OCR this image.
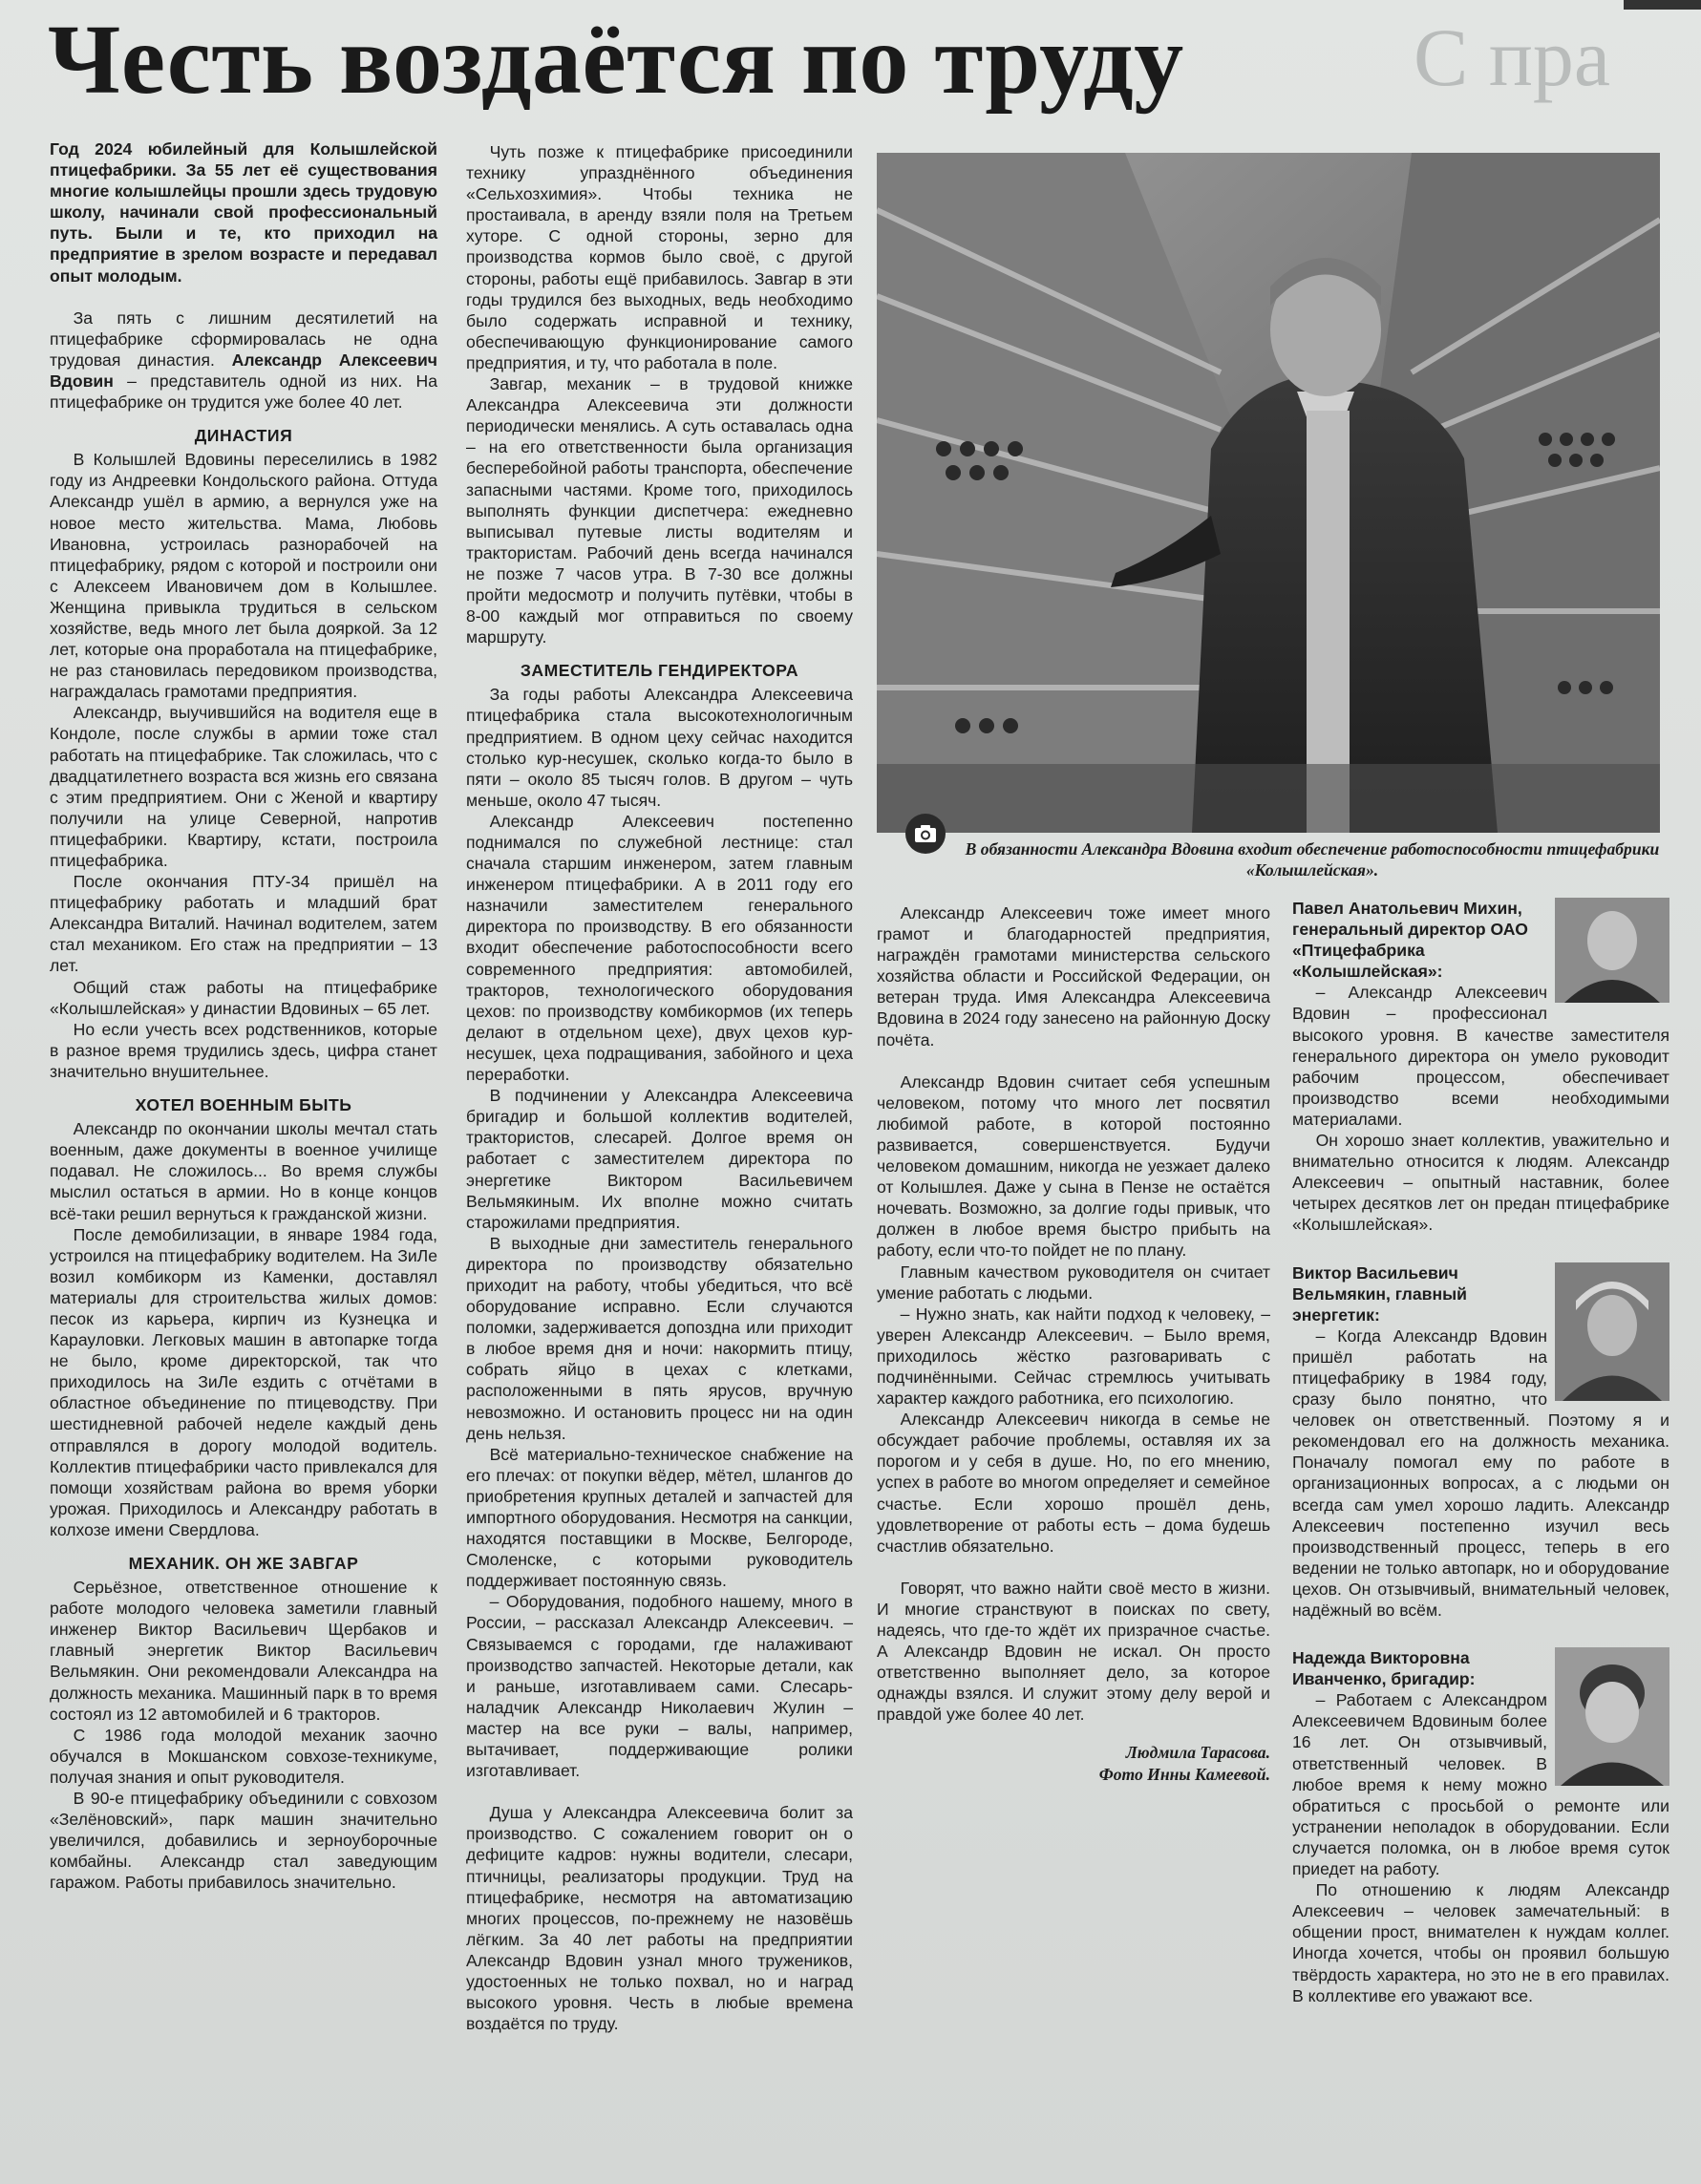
С пра
Честь воздаётся по труду

Год 2024 юбилейный для Колышлейской птицефабрики. За 55 лет её существования многие колышлейцы прошли здесь трудовую школу, начинали свой профессиональный путь. Были и те, кто приходил на предприятие в зрелом возрасте и передавал опыт молодым.

За пять с лишним десятилетий на птицефабрике сформировалась не одна трудовая династия. Александр Алексеевич Вдовин – представитель одной из них. На птицефабрике он трудится уже более 40 лет.

ДИНАСТИЯ

В Колышлей Вдовины переселились в 1982 году из Андреевки Кондольского района. Оттуда Александр ушёл в армию, а вернулся уже на новое место жительства. Мама, Любовь Ивановна, устроилась разнорабочей на птицефабрику, рядом с которой и построили они с Алексеем Ивановичем дом в Колышлее. Женщина привыкла трудиться в сельском хозяйстве, ведь много лет была дояркой. За 12 лет, которые она проработала на птицефабрике, не раз становилась передовиком производства, награждалась грамотами предприятия.

Александр, выучившийся на водителя еще в Кондоле, после службы в армии тоже стал работать на птицефабрике. Так сложилась, что с двадцатилетнего возраста вся жизнь его связана с этим предприятием. Они с Женой и квартиру получили на улице Северной, напротив птицефабрики. Квартиру, кстати, построила птицефабрика.

После окончания ПТУ-34 пришёл на птицефабрику работать и младший брат Александра Виталий. Начинал водителем, затем стал механиком. Его стаж на предприятии – 13 лет.

Общий стаж работы на птицефабрике «Колышлейская» у династии Вдовиных – 65 лет.

Но если учесть всех родственников, которые в разное время трудились здесь, цифра станет значительно внушительнее.

ХОТЕЛ ВОЕННЫМ БЫТЬ

Александр по окончании школы мечтал стать военным, даже документы в военное училище подавал. Не сложилось... Во время службы мыслил остаться в армии. Но в конце концов всё-таки решил вернуться к гражданской жизни.

После демобилизации, в январе 1984 года, устроился на птицефабрику водителем. На ЗиЛе возил комбикорм из Каменки, доставлял материалы для строительства жилых домов: песок из карьера, кирпич из Кузнецка и Карауловки. Легковых машин в автопарке тогда не было, кроме директорской, так что приходилось на ЗиЛе ездить с отчётами в областное объединение по птицеводству. При шестидневной рабочей неделе каждый день отправлялся в дорогу молодой водитель. Коллектив птицефабрики часто привлекался для помощи хозяйствам района во время уборки урожая. Приходилось и Александру работать в колхозе имени Свердлова.

МЕХАНИК. ОН ЖЕ ЗАВГАР

Серьёзное, ответственное отношение к работе молодого человека заметили главный инженер Виктор Васильевич Щербаков и главный энергетик Виктор Васильевич Вельмякин. Они рекомендовали Александра на должность механика. Машинный парк в то время состоял из 12 автомобилей и 6 тракторов.

С 1986 года молодой механик заочно обучался в Мокшанском совхозе-техникуме, получая знания и опыт руководителя.

В 90-е птицефабрику объединили с совхозом «Зелёновский», парк машин значительно увеличился, добавились и зерноуборочные комбайны. Александр стал заведующим гаражом. Работы прибавилось значительно.

Чуть позже к птицефабрике присоединили технику упразднённого объединения «Сельхозхимия». Чтобы техника не простаивала, в аренду взяли поля на Третьем хуторе. С одной стороны, зерно для производства кормов было своё, с другой стороны, работы ещё прибавилось. Завгар в эти годы трудился без выходных, ведь необходимо было содержать исправной и технику, обеспечивающую функционирование самого предприятия, и ту, что работала в поле.

Завгар, механик – в трудовой книжке Александра Алексеевича эти должности периодически менялись. А суть оставалась одна – на его ответственности была организация бесперебойной работы транспорта, обеспечение запасными частями. Кроме того, приходилось выполнять функции диспетчера: ежедневно выписывал путевые листы водителям и трактористам. Рабочий день всегда начинался не позже 7 часов утра. В 7-30 все должны пройти медосмотр и получить путёвки, чтобы в 8-00 каждый мог отправиться по своему маршруту.

ЗАМЕСТИТЕЛЬ ГЕНДИРЕКТОРА

За годы работы Александра Алексеевича птицефабрика стала высокотехнологичным предприятием. В одном цеху сейчас находится столько кур-несушек, сколько когда-то было в пяти – около 85 тысяч голов. В другом – чуть меньше, около 47 тысяч.

Александр Алексеевич постепенно поднимался по служебной лестнице: стал сначала старшим инженером, затем главным инженером птицефабрики. А в 2011 году его назначили заместителем генерального директора по производству. В его обязанности входит обеспечение работоспособности всего современного предприятия: автомобилей, тракторов, технологического оборудования цехов: по производству комбикормов (их теперь делают в отдельном цехе), двух цехов кур-несушек, цеха подращивания, забойного и цеха переработки.

В подчинении у Александра Алексеевича бригадир и большой коллектив водителей, трактористов, слесарей. Долгое время он работает с заместителем директора по энергетике Виктором Васильевичем Вельмякиным. Их вполне можно считать старожилами предприятия.

В выходные дни заместитель генерального директора по производству обязательно приходит на работу, чтобы убедиться, что всё оборудование исправно. Если случаются поломки, задерживается допоздна или приходит в любое время дня и ночи: накормить птицу, собрать яйцо в цехах с клетками, расположенными в пять ярусов, вручную невозможно. И остановить процесс ни на один день нельзя.

Всё материально-техническое снабжение на его плечах: от покупки вёдер, мётел, шлангов до приобретения крупных деталей и запчастей для импортного оборудования. Несмотря на санкции, находятся поставщики в Москве, Белгороде, Смоленске, с которыми руководитель поддерживает постоянную связь.

– Оборудования, подобного нашему, много в России, – рассказал Александр Алексеевич. – Связываемся с городами, где налаживают производство запчастей. Некоторые детали, как и раньше, изготавливаем сами. Слесарь-наладчик Александр Николаевич Жулин – мастер на все руки – валы, например, вытачивает, поддерживающие ролики изготавливает.

Душа у Александра Алексеевича болит за производство. С сожалением говорит он о дефиците кадров: нужны водители, слесари, птичницы, реализаторы продукции. Труд на птицефабрике, несмотря на автоматизацию многих процессов, по-прежнему не назовёшь лёгким. За 40 лет работы на предприятии Александр Вдовин узнал много тружеников, удостоенных не только похвал, но и наград высокого уровня. Честь в любые времена воздаётся по труду.

В обязанности Александра Вдовина входит обеспечение работоспособности птицефабрики «Колышлейская».

Александр Алексеевич тоже имеет много грамот и благодарностей предприятия, награждён грамотами министерства сельского хозяйства области и Российской Федерации, он ветеран труда. Имя Александра Алексеевича Вдовина в 2024 году занесено на районную Доску почёта.

Александр Вдовин считает себя успешным человеком, потому что много лет посвятил любимой работе, в которой постоянно развивается, совершенствуется. Будучи человеком домашним, никогда не уезжает далеко от Колышлея. Даже у сына в Пензе не остаётся ночевать. Возможно, за долгие годы привык, что должен в любое время быстро прибыть на работу, если что-то пойдет не по плану.

Главным качеством руководителя он считает умение работать с людьми.

– Нужно знать, как найти подход к человеку, – уверен Александр Алексеевич. – Было время, приходилось жёстко разговаривать с подчинёнными. Сейчас стремлюсь учитывать характер каждого работника, его психологию.

Александр Алексеевич никогда в семье не обсуждает рабочие проблемы, оставляя их за порогом и у себя в душе. Но, по его мнению, успех в работе во многом определяет и семейное счастье. Если хорошо прошёл день, удовлетворение от работы есть – дома будешь счастлив обязательно.

Говорят, что важно найти своё место в жизни. И многие странствуют в поисках по свету, надеясь, что где-то ждёт их призрачное счастье. А Александр Вдовин не искал. Он просто ответственно выполняет дело, за которое однажды взялся. И служит этому делу верой и правдой уже более 40 лет.

Людмила Тарасова.
Фото Инны Камеевой.

Павел Анатольевич Михин, генеральный директор ОАО «Птицефабрика «Колышлейская»:

– Александр Алексеевич Вдовин – профессионал высокого уровня. В качестве заместителя генерального директора он умело руководит рабочим процессом, обеспечивает производство всеми необходимыми материалами.

Он хорошо знает коллектив, уважительно и внимательно относится к людям. Александр Алексеевич – опытный наставник, более четырех десятков лет он предан птицефабрике «Колышлейская».

Виктор Васильевич Вельмякин, главный энергетик:

– Когда Александр Вдовин пришёл работать на птицефабрику в 1984 году, сразу было понятно, что человек он ответственный. Поэтому я и рекомендовал его на должность механика. Поначалу помогал ему по работе в организационных вопросах, а с людьми он всегда сам умел хорошо ладить. Александр Алексеевич постепенно изучил весь производственный процесс, теперь в его ведении не только автопарк, но и оборудование цехов. Он отзывчивый, внимательный человек, надёжный во всём.

Надежда Викторовна Иванченко, бригадир:

– Работаем с Александром Алексеевичем Вдовиным более 16 лет. Он отзывчивый, ответственный человек. В любое время к нему можно обратиться с просьбой о ремонте или устранении неполадок в оборудовании. Если случается поломка, он в любое время суток приедет на работу.

По отношению к людям Александр Алексеевич – человек замечательный: в общении прост, внимателен к нуждам коллег. Иногда хочется, чтобы он проявил большую твёрдость характера, но это не в его правилах. В коллективе его уважают все.
